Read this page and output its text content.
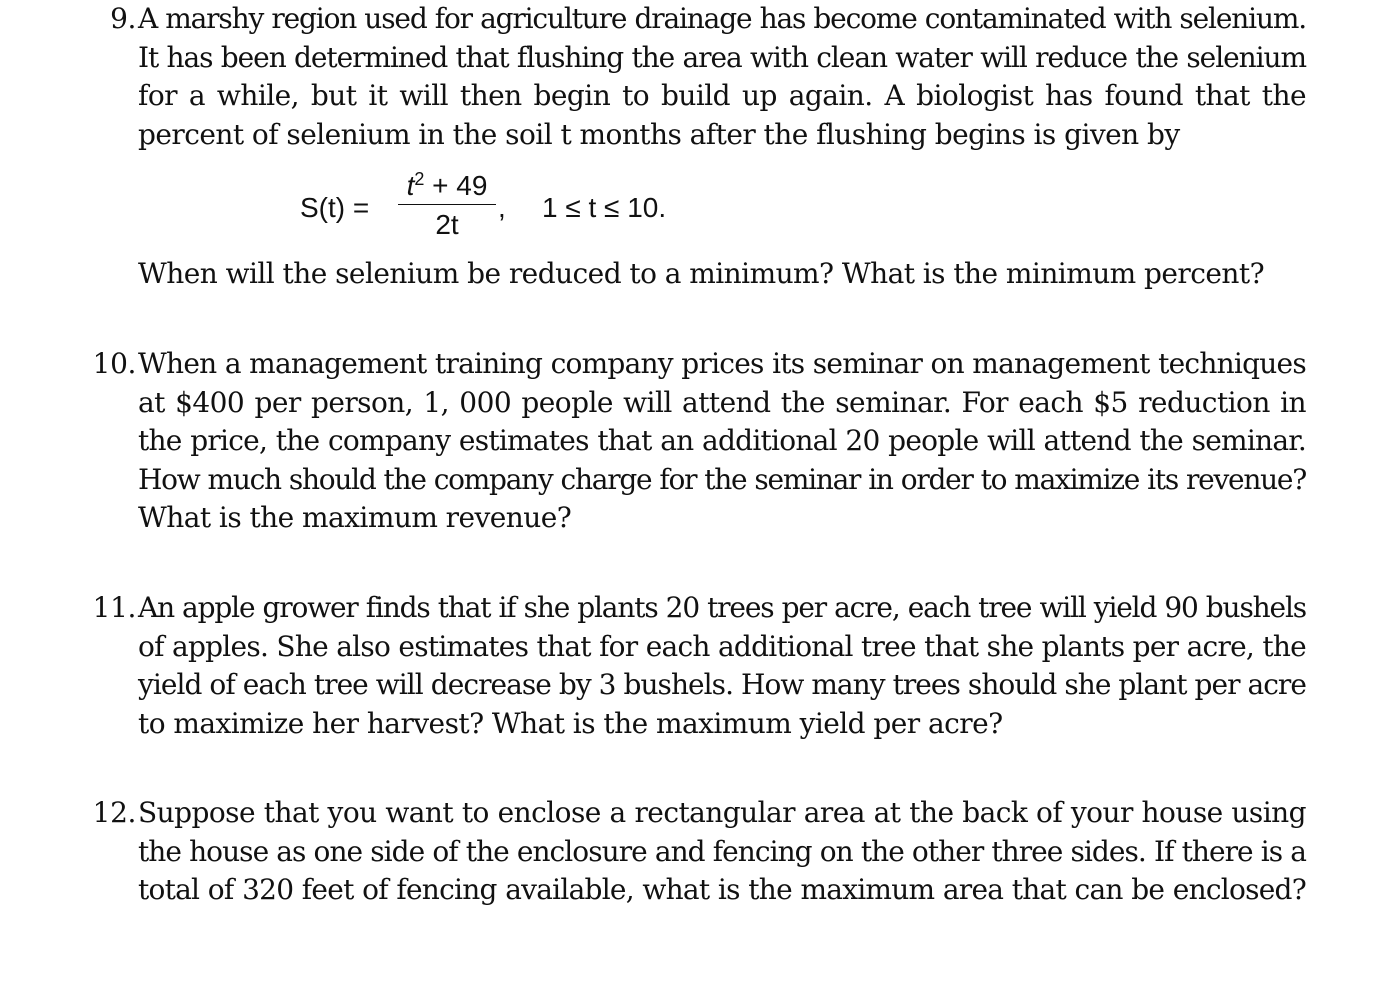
9. A marshy region used for agriculture drainage has become contaminated with selenium.
It has been determined that flushing the area with clean water will reduce the selenium
for a while, but it will then begin to build up again. A biologist has found that the
percent of selenium in the soil t months after the flushing begins is given by
S(t) =
$t^2 + 49$
2t
, 1 ≤ t ≤ 10.
When will the selenium be reduced to a minimum? What is the minimum percent?
10. When a management training company prices its seminar on management techniques
at $400 per person, 1, 000 people will attend the seminar. For each $5 reduction in
the price, the company estimates that an additional 20 people will attend the seminar.
How much should the company charge for the seminar in order to maximize its revenue?
What is the maximum revenue?
11. An apple grower finds that if she plants 20 trees per acre, each tree will yield 90 bushels
of apples. She also estimates that for each additional tree that she plants per acre, the
yield of each tree will decrease by 3 bushels. How many trees should she plant per acre
to maximize her harvest? What is the maximum yield per acre?
12. Suppose that you want to enclose a rectangular area at the back of your house using
the house as one side of the enclosure and fencing on the other three sides. If there is a
total of 320 feet of fencing available, what is the maximum area that can be enclosed?
